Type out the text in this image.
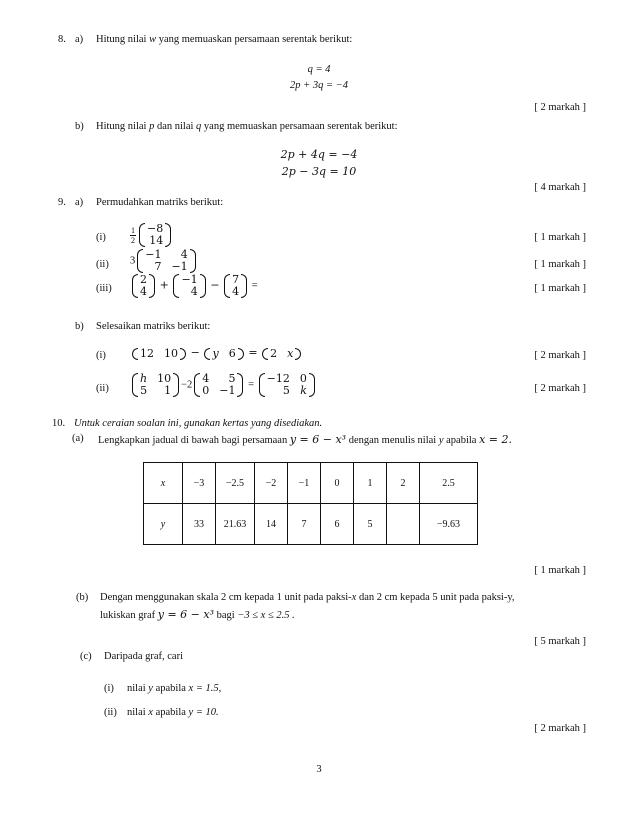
8. a) Hitung nilai w yang memuaskan persamaan serentak berikut:
q = 4
2p + 3q = −4
[ 2 markah ]
b) Hitung nilai p dan nilai q yang memuaskan persamaan serentak berikut:
2p + 4q = −4
2p − 3q = 10
[ 4 markah ]
9. a) Permudahkan matriks berikut:
(i)	$\frac{1}{2} -8$
14	[ 1 markah ]
(ii) 3 −1	4
7 −1	[ 1 markah ]
(iii)
2
4
+ −1
4
− 7
4 =	[ 1 markah ]
b) Selesaikan matriks berikut:
(i)	12 10 − y 6 = 2 x	[ 2 markah ]
(ii)
h 10
5	1 −2 4	5
0 −1 = −12 0
5 k	[ 2 markah ]
10. Untuk ceraian soalan ini, gunakan kertas yang disediakan.
(a) Lengkapkan jadual di bawah bagi persamaan y = 6 − x³ dengan menulis nilai y apabila x = 2.
x	−3	−2.5	−2	−1	0	1	2	2.5
y	33	21.63	14	7	6	5		−9.63
[ 1 markah ]
(b) Dengan menggunakan skala 2 cm kepada 1 unit pada paksi-x dan 2 cm kepada 5 unit pada paksi-y,
lukiskan graf y = 6 − x³ bagi −3 ≤ x ≤ 2.5 .
[ 5 markah ]
(c) Daripada graf, cari
(i) nilai y apabila x = 1.5,
(ii) nilai x apabila y = 10.
[ 2 markah ]
3
